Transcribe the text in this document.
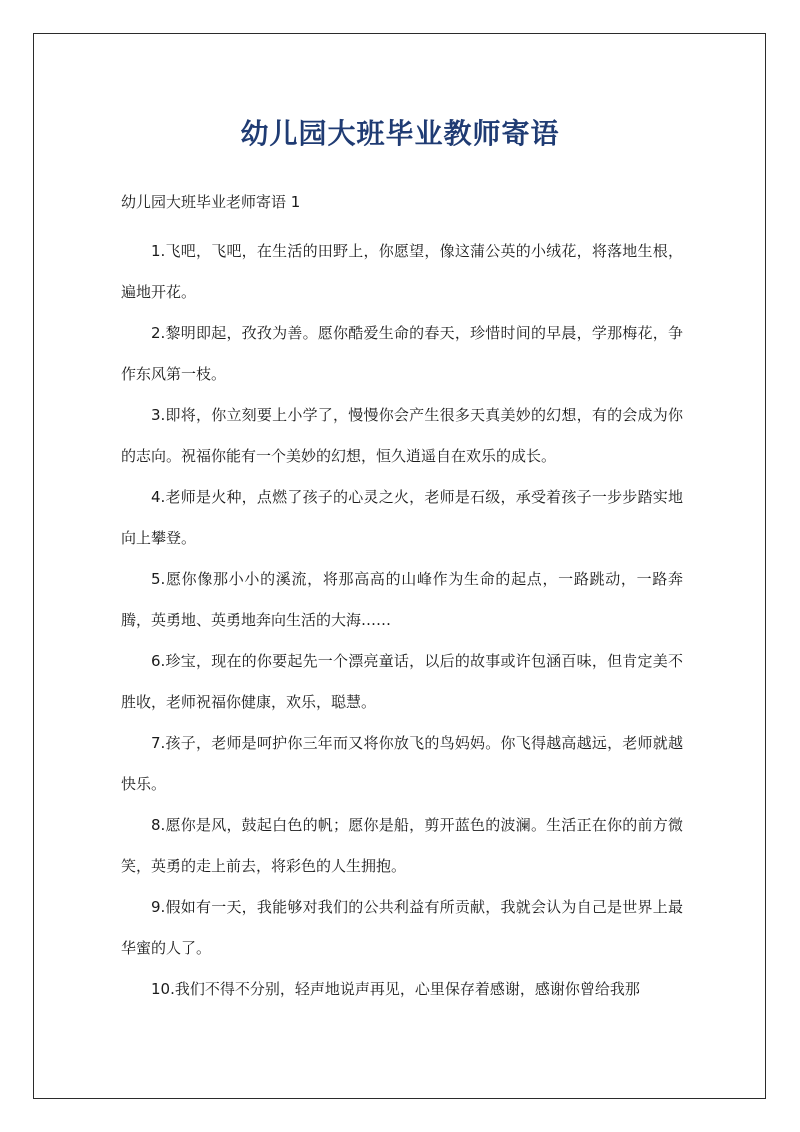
幼儿园大班毕业教师寄语
幼儿园大班毕业老师寄语 1

1.飞吧，飞吧，在生活的田野上，你愿望，像这蒲公英的小绒花，将落地生根，遍地开花。

2.黎明即起，孜孜为善。愿你酷爱生命的春天，珍惜时间的早晨，学那梅花，争作东风第一枝。

3.即将，你立刻要上小学了，慢慢你会产生很多天真美妙的幻想，有的会成为你的志向。祝福你能有一个美妙的幻想，恒久逍遥自在欢乐的成长。

4.老师是火种，点燃了孩子的心灵之火，老师是石级，承受着孩子一步步踏实地向上攀登。

5.愿你像那小小的溪流，将那高高的山峰作为生命的起点，一路跳动，一路奔腾，英勇地、英勇地奔向生活的大海……

6.珍宝，现在的你要起先一个漂亮童话，以后的故事或许包涵百味，但肯定美不胜收，老师祝福你健康，欢乐，聪慧。

7.孩子，老师是呵护你三年而又将你放飞的鸟妈妈。你飞得越高越远，老师就越快乐。

8.愿你是风，鼓起白色的帆；愿你是船，剪开蓝色的波澜。生活正在你的前方微笑，英勇的走上前去，将彩色的人生拥抱。

9.假如有一天，我能够对我们的公共利益有所贡献，我就会认为自己是世界上最华蜜的人了。

10.我们不得不分别，轻声地说声再见，心里保存着感谢，感谢你曾给我那
